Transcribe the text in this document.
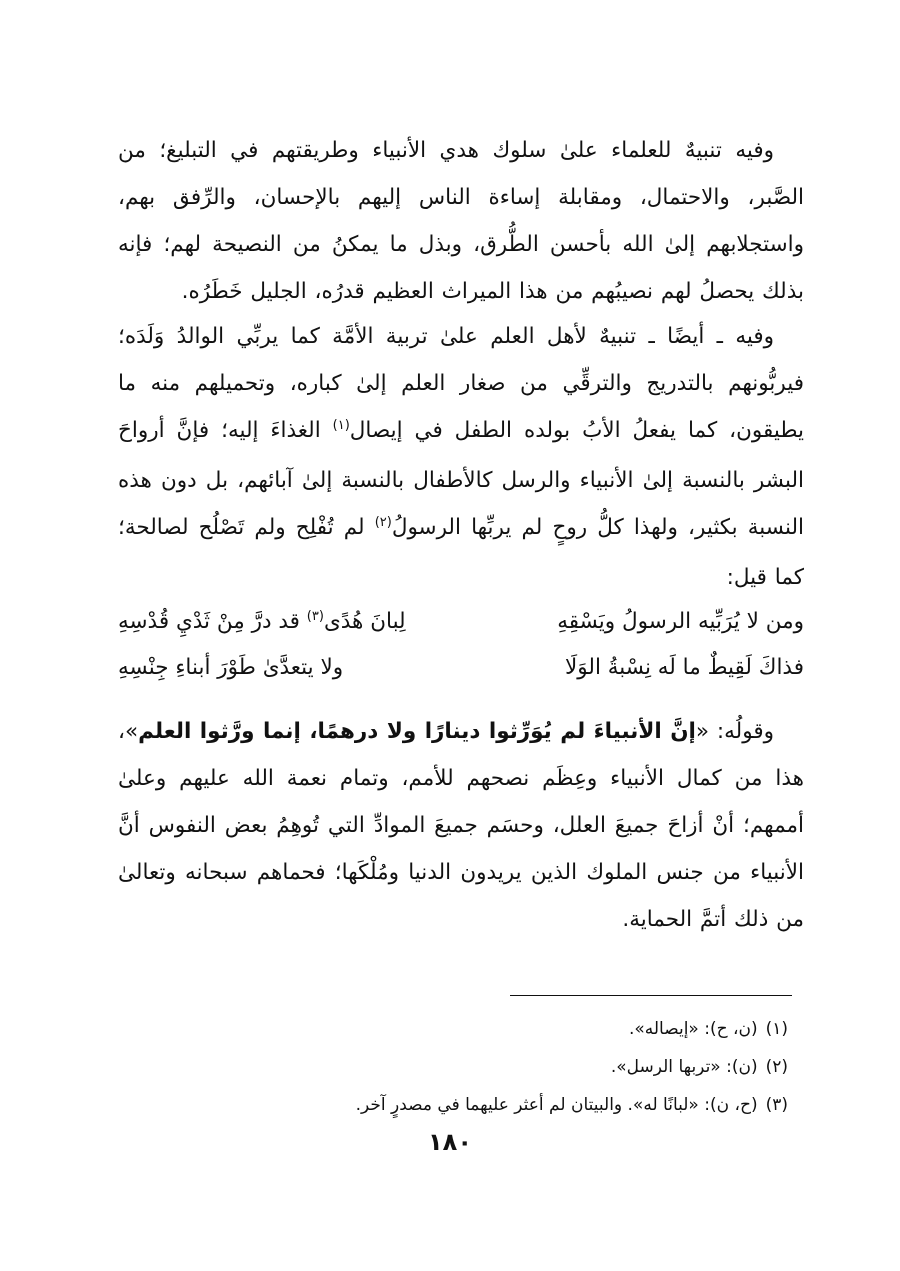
وفيه تنبيهٌ للعلماء علىٰ سلوك هدي الأنبياء وطريقتهم في التبليغ؛ من الصَّبر، والاحتمال، ومقابلة إساءة الناس إليهم بالإحسان، والرِّفق بهم، واستجلابهم إلىٰ الله بأحسن الطُّرق، وبذل ما يمكنُ من النصيحة لهم؛ فإنه بذلك يحصلُ لهم نصيبُهم من هذا الميراث العظيم قدرُه، الجليل خَطَرُه.

وفيه ـ أيضًا ـ تنبيهٌ لأهل العلم علىٰ تربية الأمَّة كما يربِّي الوالدُ وَلَدَه؛ فيربُّونهم بالتدريج والترقِّي من صغار العلم إلىٰ كباره، وتحميلهم منه ما يطيقون، كما يفعلُ الأبُ بولده الطفل في إيصال$^{(١)}$ الغذاءَ إليه؛ فإنَّ أرواحَ البشر بالنسبة إلىٰ الأنبياء والرسل كالأطفال بالنسبة إلىٰ آبائهم، بل دون هذه النسبة بكثير، ولهذا كلُّ روحٍ لم يربِّها الرسولُ$^{(٢)}$ لم تُفْلِح ولم تَصْلُح لصالحة؛ كما قيل:

ومن لا يُرَبِّيه الرسولُ ويَسْقِهِ
لِبانَ هُدًى$^{(٣)}$ قد درَّ مِنْ ثَدْيِ قُدْسِهِ
فذاكَ لَقِيطٌ ما لَه نِسْبةُ الوَلَا
ولا يتعدَّىٰ طَوْرَ أبناءِ جِنْسِهِ

وقولُه: «إنَّ الأنبياءَ لم يُوَرِّثوا دينارًا ولا درهمًا، إنما ورَّثوا العلم»، هذا من كمال الأنبياء وعِظَم نصحهم للأمم، وتمام نعمة الله عليهم وعلىٰ أممهم؛ أنْ أزاحَ جميعَ العلل، وحسَم جميعَ الموادِّ التي تُوهِمُ بعض النفوس أنَّ الأنبياء من جنس الملوك الذين يريدون الدنيا ومُلْكَها؛ فحماهم سبحانه وتعالىٰ من ذلك أتمَّ الحماية.

(١)(ن، ح): «إيصاله».
(٢)(ن): «تربها الرسل».
(٣)(ح، ن): «لبانًا له». والبيتان لم أعثر عليهما في مصدرٍ آخر.
١٨٠
